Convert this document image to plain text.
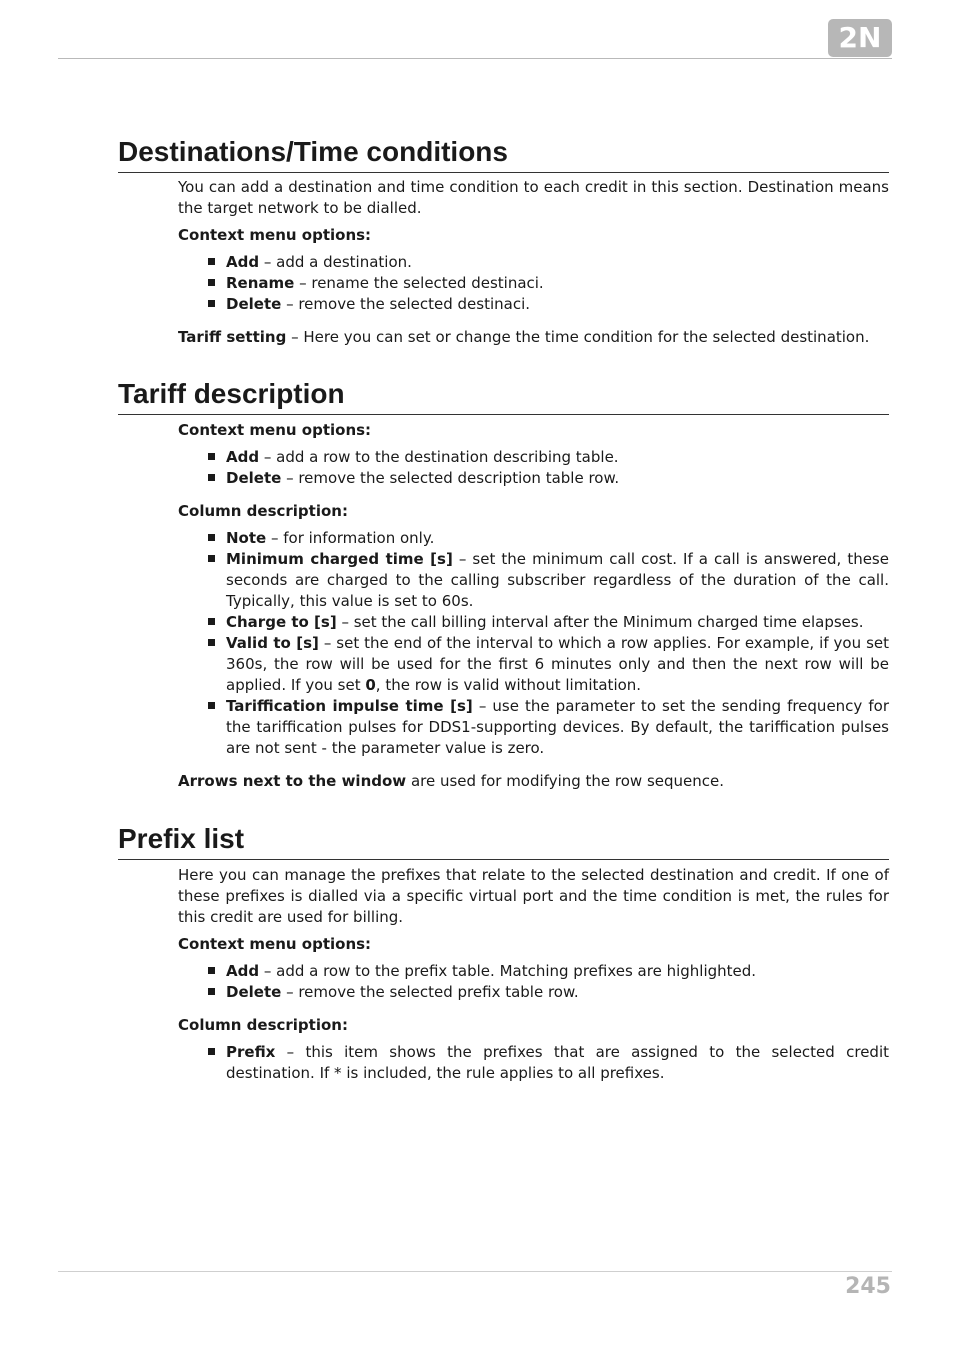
2N
Destinations/Time conditions

You can add a destination and time condition to each credit in this section. Destination means the target network to be dialled.

Context menu options:

Add – add a destination.
Rename – rename the selected destinaci.
Delete – remove the selected destinaci.

Tariff setting – Here you can set or change the time condition for the selected destination.

Tariff description

Context menu options:

Add – add a row to the destination describing table.
Delete – remove the selected description table row.

Column description:

Note – for information only.
Minimum charged time [s] – set the minimum call cost. If a call is answered, these seconds are charged to the calling subscriber regardless of the duration of the call. Typically, this value is set to 60s.
Charge to [s] – set the call billing interval after the Minimum charged time elapses.
Valid to [s] – set the end of the interval to which a row applies. For example, if you set 360s, the row will be used for the first 6 minutes only and then the next row will be applied. If you set 0, the row is valid without limitation.
Tariffication impulse time [s] – use the parameter to set the sending frequency for the tariffication pulses for DDS1-supporting devices. By default, the tariffication pulses are not sent - the parameter value is zero.

Arrows next to the window are used for modifying the row sequence.

Prefix list

Here you can manage the prefixes that relate to the selected destination and credit. If one of these prefixes is dialled via a specific virtual port and the time condition is met, the rules for this credit are used for billing.

Context menu options:

Add – add a row to the prefix table. Matching prefixes are highlighted.
Delete – remove the selected prefix table row.

Column description:

Prefix – this item shows the prefixes that are assigned to the selected credit destination. If * is included, the rule applies to all prefixes.
245
